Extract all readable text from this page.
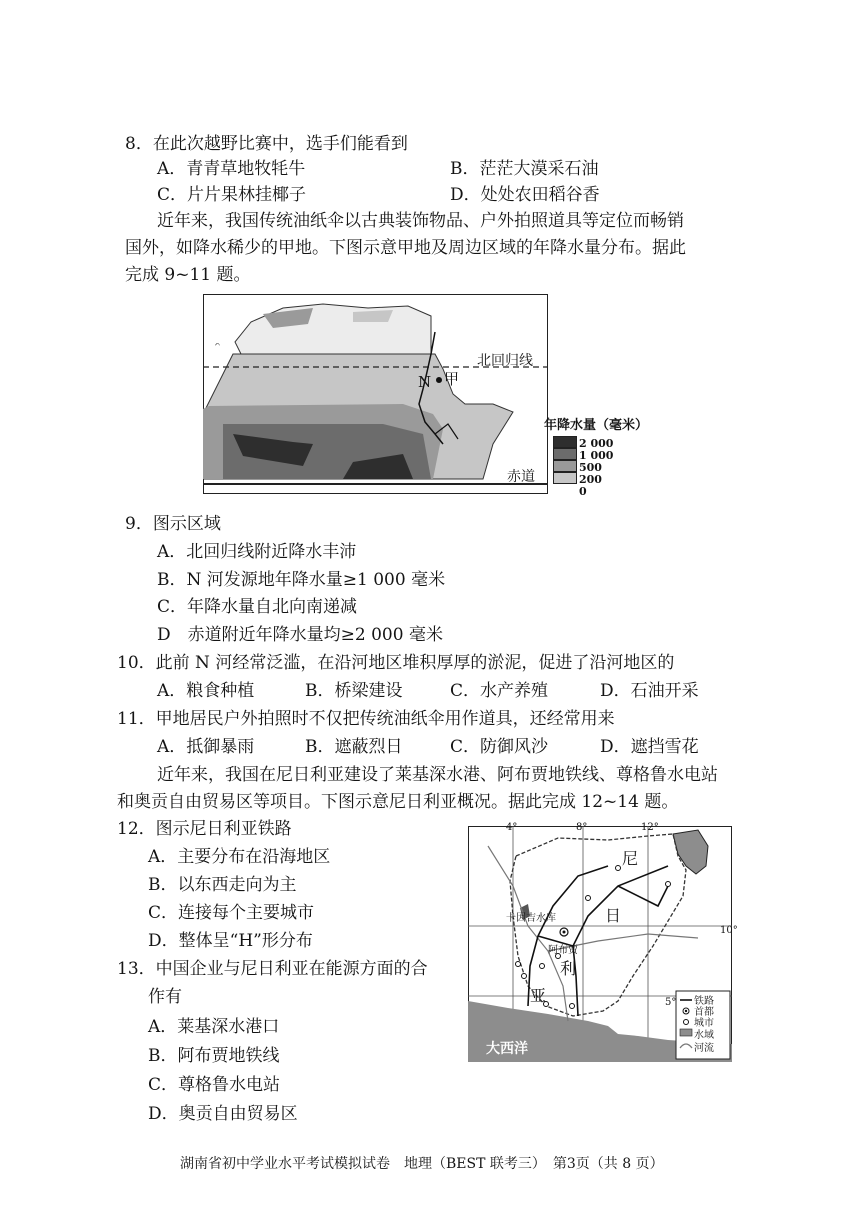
8．在此次越野比赛中，选手们能看到
A．青青草地牧牦牛	B．茫茫大漠采石油
C．片片果林挂椰子	D．处处农田稻谷香
近年来，我国传统油纸伞以古典装饰物品、户外拍照道具等定位而畅销
国外，如降水稀少的甲地。下图示意甲地及周边区域的年降水量分布。据此
完成 9~11 题。
ᨈ
北回归线
赤道
N 甲
年降水量（毫米）
2 000
1 000
500
200
0
9．图示区域
A．北回归线附近降水丰沛
B．N 河发源地年降水量≥1 000 毫米
C．年降水量自北向南递减
D　赤道附近年降水量均≥2 000 毫米
10．此前 N 河经常泛滥，在沿河地区堆积厚厚的淤泥，促进了沿河地区的
A．粮食种植	B．桥梁建设	C．水产养殖	D．石油开采
11．甲地居民户外拍照时不仅把传统油纸伞用作道具，还经常用来
A．抵御暴雨	B．遮蔽烈日	C．防御风沙	D．遮挡雪花
近年来，我国在尼日利亚建设了莱基深水港、阿布贾地铁线、尊格鲁水电站
和奥贡自由贸易区等项目。下图示意尼日利亚概况。据此完成 12~14 题。
12．图示尼日利亚铁路
A．主要分布在沿海地区
B．以东西走向为主
C．连接每个主要城市
D．整体呈“H”形分布
13．中国企业与尼日利亚在能源方面的合
作有
A．莱基深水港口
B．阿布贾地铁线
C．尊格鲁水电站
D．奥贡自由贸易区
4°	8°	12°
10°
5°
尼
日
利
亚
卡因吉水库
阿布贾
大西洋
铁路
首都
城市
水域
河流
湖南省初中学业水平考试模拟试卷　地理（BEST 联考三）　第3页（共 8 页）
